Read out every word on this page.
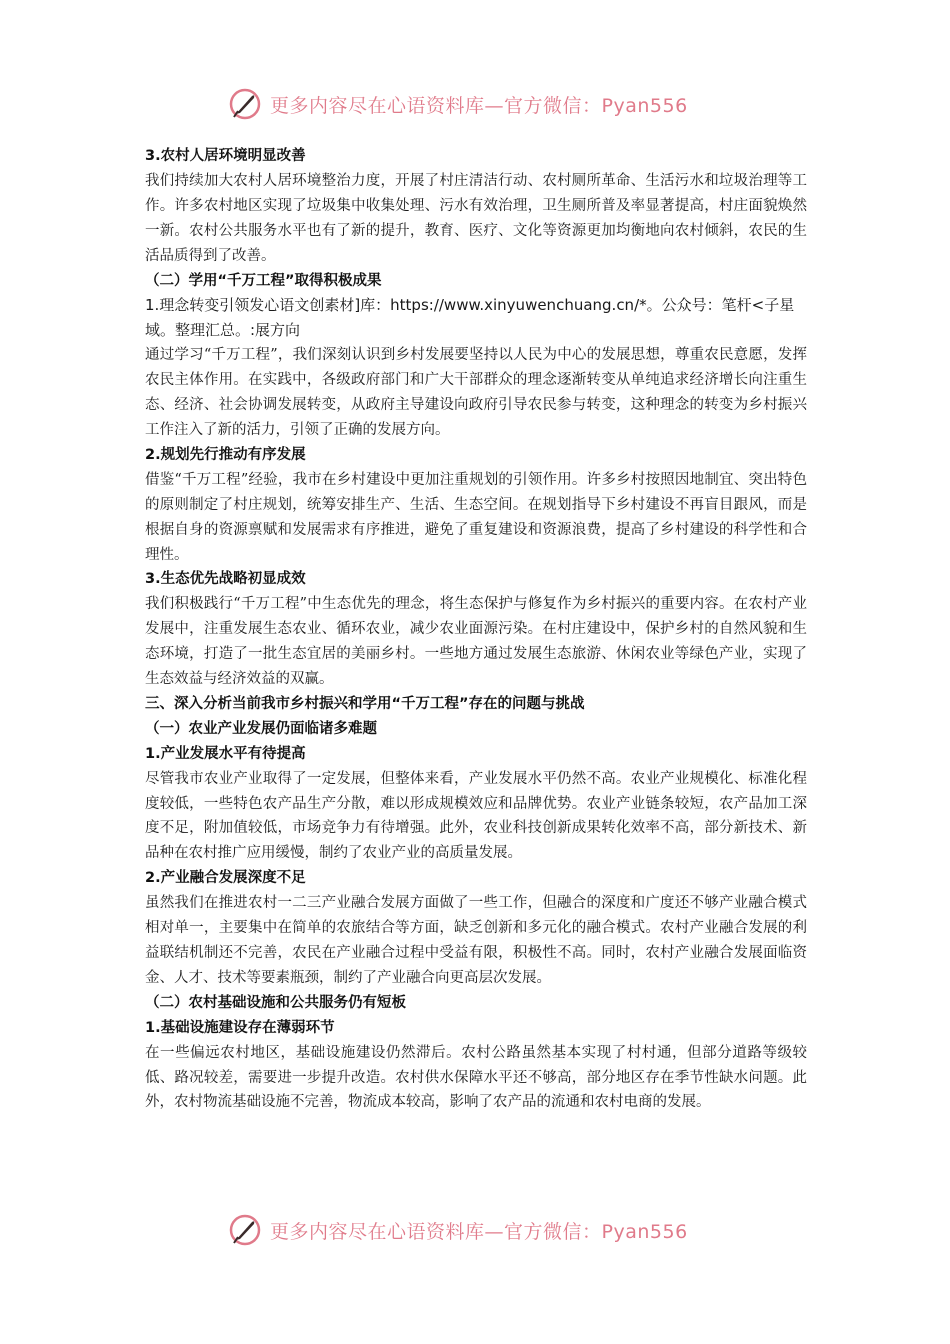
更多内容尽在心语资料库—官方微信：Pyan556

3.农村人居环境明显改善

我们持续加大农村人居环境整治力度，开展了村庄清洁行动、农村厕所革命、生活污水和垃圾治理等工作。许多农村地区实现了垃圾集中收集处理、污水有效治理，卫生厕所普及率显著提高，村庄面貌焕然一新。农村公共服务水平也有了新的提升，教育、医疗、文化等资源更加均衡地向农村倾斜，农民的生活品质得到了改善。

（二）学用“千万工程”取得积极成果

1.理念转变引领发心语文创素材]库：https://www.xinyuwenchuang.cn/*。公众号：笔杆<子星域。整理汇总。:展方向

通过学习“千万工程”，我们深刻认识到乡村发展要坚持以人民为中心的发展思想，尊重农民意愿，发挥农民主体作用。在实践中，各级政府部门和广大干部群众的理念逐渐转变从单纯追求经济增长向注重生态、经济、社会协调发展转变，从政府主导建设向政府引导农民参与转变，这种理念的转变为乡村振兴工作注入了新的活力，引领了正确的发展方向。

2.规划先行推动有序发展

借鉴“千万工程”经验，我市在乡村建设中更加注重规划的引领作用。许多乡村按照因地制宜、突出特色的原则制定了村庄规划，统筹安排生产、生活、生态空间。在规划指导下乡村建设不再盲目跟风，而是根据自身的资源禀赋和发展需求有序推进，避免了重复建设和资源浪费，提高了乡村建设的科学性和合理性。

3.生态优先战略初显成效

我们积极践行“千万工程”中生态优先的理念，将生态保护与修复作为乡村振兴的重要内容。在农村产业发展中，注重发展生态农业、循环农业，减少农业面源污染。在村庄建设中，保护乡村的自然风貌和生态环境，打造了一批生态宜居的美丽乡村。一些地方通过发展生态旅游、休闲农业等绿色产业，实现了生态效益与经济效益的双赢。

三、深入分析当前我市乡村振兴和学用“千万工程”存在的问题与挑战

（一）农业产业发展仍面临诸多难题

1.产业发展水平有待提高

尽管我市农业产业取得了一定发展，但整体来看，产业发展水平仍然不高。农业产业规模化、标准化程度较低，一些特色农产品生产分散，难以形成规模效应和品牌优势。农业产业链条较短，农产品加工深度不足，附加值较低，市场竞争力有待增强。此外，农业科技创新成果转化效率不高，部分新技术、新品种在农村推广应用缓慢，制约了农业产业的高质量发展。

2.产业融合发展深度不足

虽然我们在推进农村一二三产业融合发展方面做了一些工作，但融合的深度和广度还不够产业融合模式相对单一，主要集中在简单的农旅结合等方面，缺乏创新和多元化的融合模式。农村产业融合发展的利益联结机制还不完善，农民在产业融合过程中受益有限，积极性不高。同时，农村产业融合发展面临资金、人才、技术等要素瓶颈，制约了产业融合向更高层次发展。

（二）农村基础设施和公共服务仍有短板

1.基础设施建设存在薄弱环节

在一些偏远农村地区，基础设施建设仍然滞后。农村公路虽然基本实现了村村通，但部分道路等级较低、路况较差，需要进一步提升改造。农村供水保障水平还不够高，部分地区存在季节性缺水问题。此外，农村物流基础设施不完善，物流成本较高，影响了农产品的流通和农村电商的发展。

更多内容尽在心语资料库—官方微信：Pyan556
